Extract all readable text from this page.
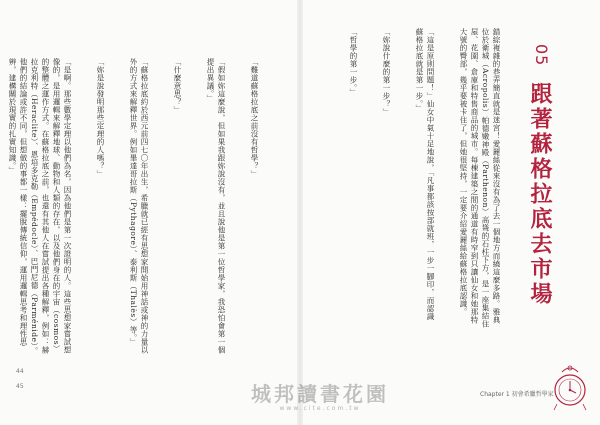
05
跟著蘇格拉底去市場

錯綜複雜的巷弄簡直就是迷宮！愛麗絲從來沒有為了去一個地方而繞這麼多路。雅典位於衛城（Acropolis）帕德嫩神殿（Parthenon）高聳的石柱下方，是一座集結住屋、花園、倉庫和特售商品的城市。每棟建築之間的通道有時窄到只讓仙女和她那特大號的臀部，幾乎要被卡住了，但她很堅持，一定要介紹愛麗絲給蘇格拉底認識。

「這是原則問題！」仙女中氣十足地說，「凡事都該按部就班，一步一腳印，而認識蘇格拉底就是第一步。」

「妳說什麼的第一步？」

「哲學的第一步。」

「難道蘇格拉底之前沒有哲學？」

「假如妳這麼說，但如果我跟妳說沒有，並且說他是第一位哲學家，我恐怕會第一個提出異議。」

「什麼意思？」

「蘇格拉底約於西元前四七〇年出生，希臘就已經有思想家開始用神話或神的力量以外的方式來解釋世界。例如畢達哥拉斯（Pythagore）、泰利斯（Thalès）等。」

「妳是說發明那些定理的人嗎？」

「是啊。那些數學定理以他們為名，因為他們是第一次證明的人。這些思想家嘗試想像的，是用邏輯來解釋地球、動物和人類的存在，以及他們身在的宇宙（cosmos）的整體之運作方式。在蘇格拉底之前，也還有其他人在嘗試提出各種解釋，例如：赫拉克利特（Heraclite）、恩培多克勒（Empédocle）、巴門尼德（Parménide）。他們的結論或許不同，但想做的事都一樣：擺脫傳統信仰，運用邏輯思考和理性思辨，建構關於現實的扎實知識。」

44
45
Chapter 1 初會希臘哲學家
城邦讀書花園
www.cite.com.tw
